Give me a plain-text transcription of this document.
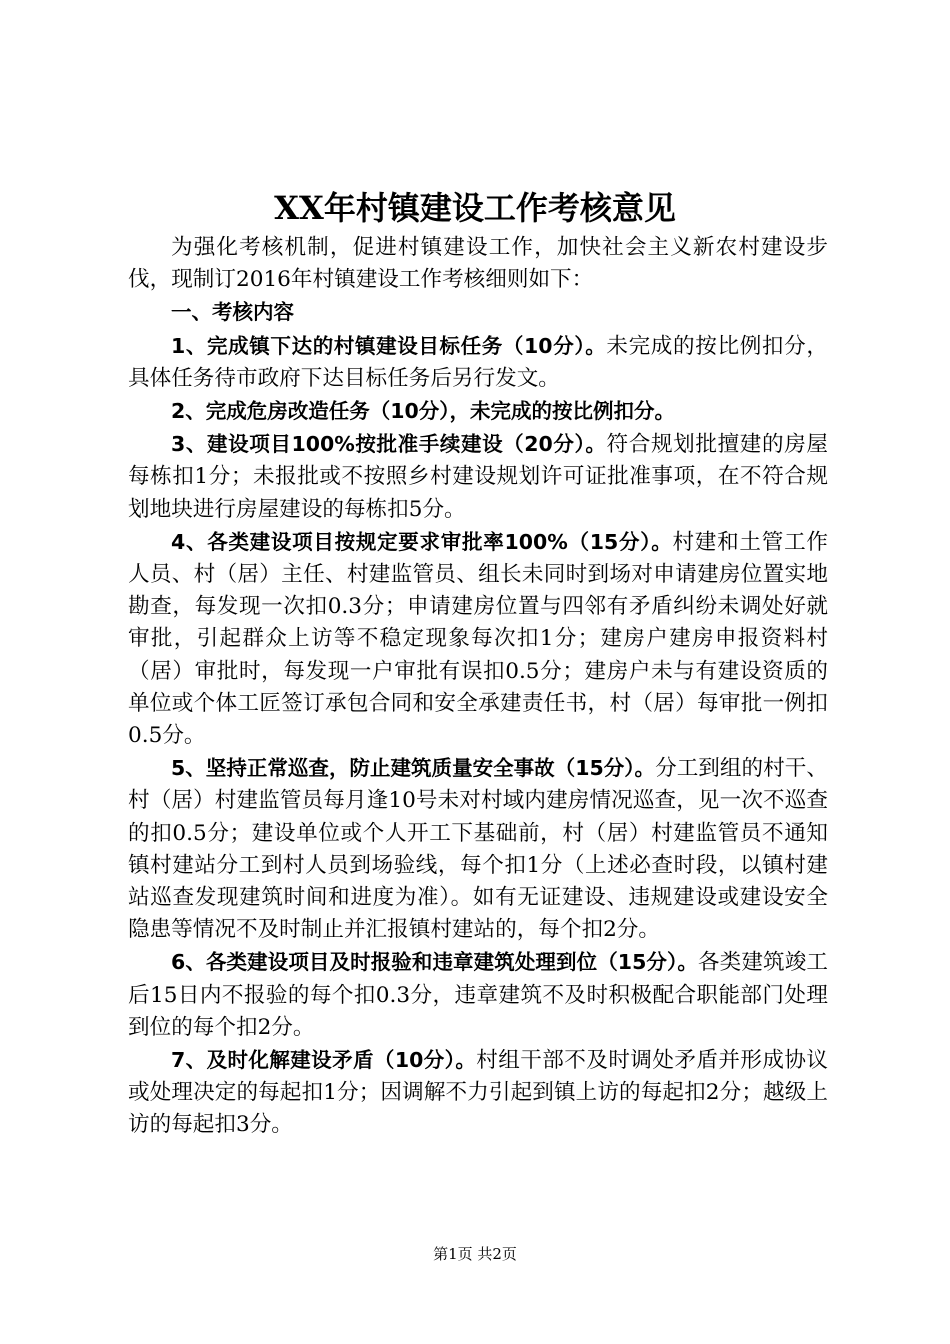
XX年村镇建设工作考核意见

为强化考核机制，促进村镇建设工作，加快社会主义新农村建设步伐，现制订2016年村镇建设工作考核细则如下：

一、考核内容

1、完成镇下达的村镇建设目标任务（10分）。未完成的按比例扣分，具体任务待市政府下达目标任务后另行发文。

2、完成危房改造任务（10分），未完成的按比例扣分。

3、建设项目100%按批准手续建设（20分）。符合规划批擅建的房屋每栋扣1分；未报批或不按照乡村建设规划许可证批准事项，在不符合规划地块进行房屋建设的每栋扣5分。

4、各类建设项目按规定要求审批率100%（15分）。村建和土管工作人员、村（居）主任、村建监管员、组长未同时到场对申请建房位置实地勘查，每发现一次扣0.3分；申请建房位置与四邻有矛盾纠纷未调处好就审批，引起群众上访等不稳定现象每次扣1分；建房户建房申报资料村（居）审批时，每发现一户审批有误扣0.5分；建房户未与有建设资质的单位或个体工匠签订承包合同和安全承建责任书，村（居）每审批一例扣0.5分。

5、坚持正常巡查，防止建筑质量安全事故（15分）。分工到组的村干、村（居）村建监管员每月逢10号未对村域内建房情况巡查，见一次不巡查的扣0.5分；建设单位或个人开工下基础前，村（居）村建监管员不通知镇村建站分工到村人员到场验线，每个扣1分（上述必查时段，以镇村建站巡查发现建筑时间和进度为准）。如有无证建设、违规建设或建设安全隐患等情况不及时制止并汇报镇村建站的，每个扣2分。

6、各类建设项目及时报验和违章建筑处理到位（15分）。各类建筑竣工后15日内不报验的每个扣0.3分，违章建筑不及时积极配合职能部门处理到位的每个扣2分。

7、及时化解建设矛盾（10分）。村组干部不及时调处矛盾并形成协议或处理决定的每起扣1分；因调解不力引起到镇上访的每起扣2分；越级上访的每起扣3分。

第1页 共2页
